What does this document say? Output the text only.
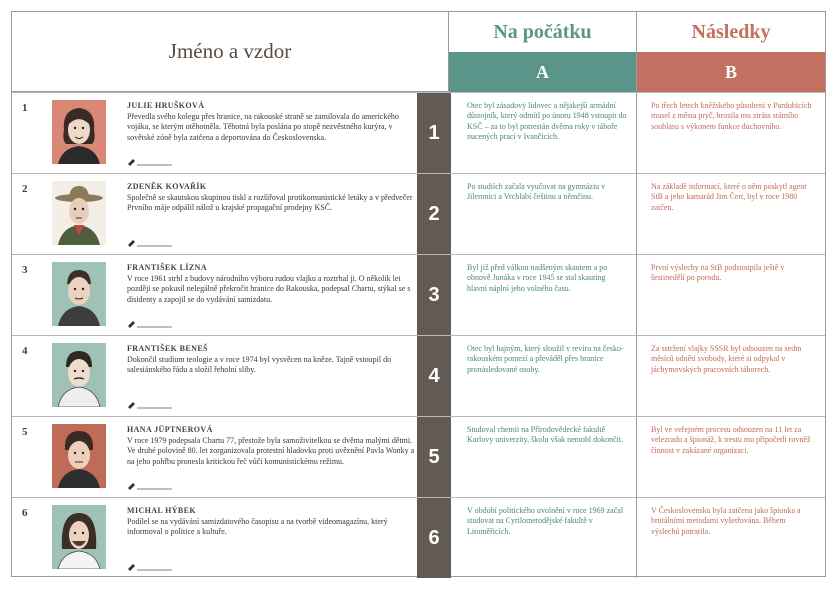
Jméno a vzdor
Na počátku
A
Následky
B
1	JULIE HRUŠKOVÁ
Převedla svého kolegu přes hranice, na rakouské straně se zamilovala do amerického vojáka, se kterým otěhotněla. Těhotná byla poslána po stopě nezvěstného kurýra, v sovětské zóně byla zatčena a deportována do Československa.	1
Otec byl zásadový lidovec a nějakejší armádní důstojník, který odmítl po únoru 1948 vstoupit do KSČ – za to byl potrestán dvěma roky v táboře nucených prací v Ivančicích.
Po třech letech kněžského působení v Pardubicích musel z města pryč, hrozila mu ztráta státního souhlasu s výkonem funkce duchovního.
2	ZDENĚK KOVAŘÍK
Společně se skautskou skupinou tiskl a rozšiřoval protikomunistické letáky a v předvečer Prvního máje odpálil nálož u krajské propagační prodejny KSČ.	2
Po studiích začala vyučovat na gymnáziu v Jilemnici a Vrchlabí češtinu a němčinu.
Na základě informací, které o něm poskytl agent StB a jeho kamarád Jim Čert, byl v roce 1980 zatčen.
3	FRANTIŠEK LÍZNA
V roce 1961 strhl z budovy národního výboru rudou vlajku a roztrhal ji. O několik let později se pokusil nelegálně překročit hranice do Rakouska, podepsal Chartu, stýkal se s disidenty a zapojil se do vydávání samizdatu.	3
Byl již před válkou nadšeným skautem a po obnově Junáka v roce 1945 se stal skauting hlavní náplní jeho volného času.
První výslechy na StB podstoupila ještě v šestinedělí po porodu.
4	FRANTIŠEK BENEŠ
Dokončil studium teologie a v roce 1974 byl vysvěcen na kněze. Tajně vstoupil do salesiánského řádu a složil řeholní sliby.	4
Otec byl hajným, který sloužil v revíru na česko-rakouském pomezí a převáděl přes hranice pronásledované osoby.
Za sstržení vlajky SSSR byl odsouzen na sedm měsíců odnětí svobody, které si odpykal v jáchymovských pracovních táborech.
5	HANA JÜPTNEROVÁ
V roce 1979 podepsala Chartu 77, přestože byla samoživitelkou se dvěma malými dětmi. Ve druhé polovině 80. let zorganizovala protestní hladovku proti uvěznění Pavla Wonky a na jeho pohřbu pronesla kritickou řeč vůči komunistickému režimu.	5
Studoval chemii na Přírodovědecké fakultě Karlovy univerzity, školu však nemohl dokončit.
Byl ve veřejném procesu odsouzen na 11 let za velezradu a špionáž, k trestu mu připočetli rovněž činnost v zakázané organizaci.
6	MICHAL HÝBEK
Podílel se na vydávání samizdatového časopisu a na tvorbě videomagazínu, který informoval o politice a kultuře.	6
V období politického uvolnění v roce 1969 začal studovat na Cyrilometodějské fakultě v Litoměřicích.
V Československu byla zatčena jako špionka a brutálními metodami vyšetřována. Během výslechů potratila.
